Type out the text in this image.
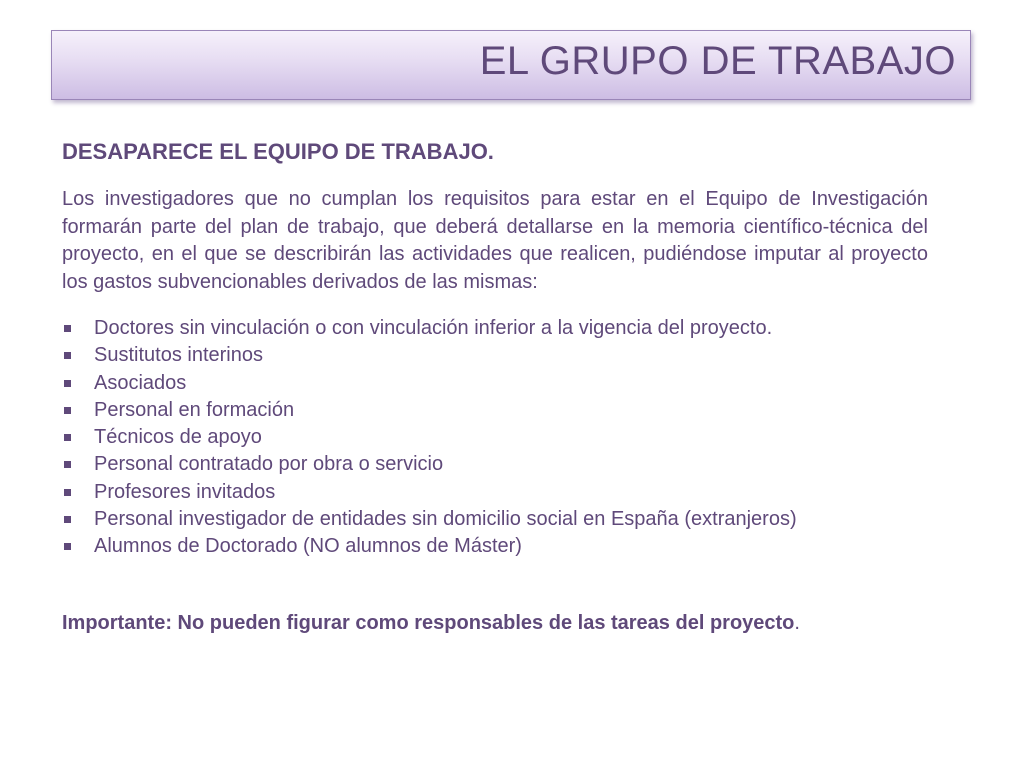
EL GRUPO DE TRABAJO

DESAPARECE EL EQUIPO DE TRABAJO.

Los investigadores que no cumplan los requisitos para estar en el Equipo de Investigación formarán parte del plan de trabajo, que deberá detallarse en la memoria científico-técnica del proyecto, en el que se describirán las actividades que realicen, pudiéndose imputar al proyecto los gastos subvencionables derivados de las mismas:

Doctores sin vinculación o con vinculación inferior a la vigencia del proyecto.
Sustitutos interinos
Asociados
Personal en formación
Técnicos de apoyo
Personal contratado por obra o servicio
Profesores invitados
Personal investigador de entidades sin domicilio social en España (extranjeros)
Alumnos de Doctorado (NO alumnos de Máster)

Importante: No pueden figurar como responsables de las tareas del proyecto.
